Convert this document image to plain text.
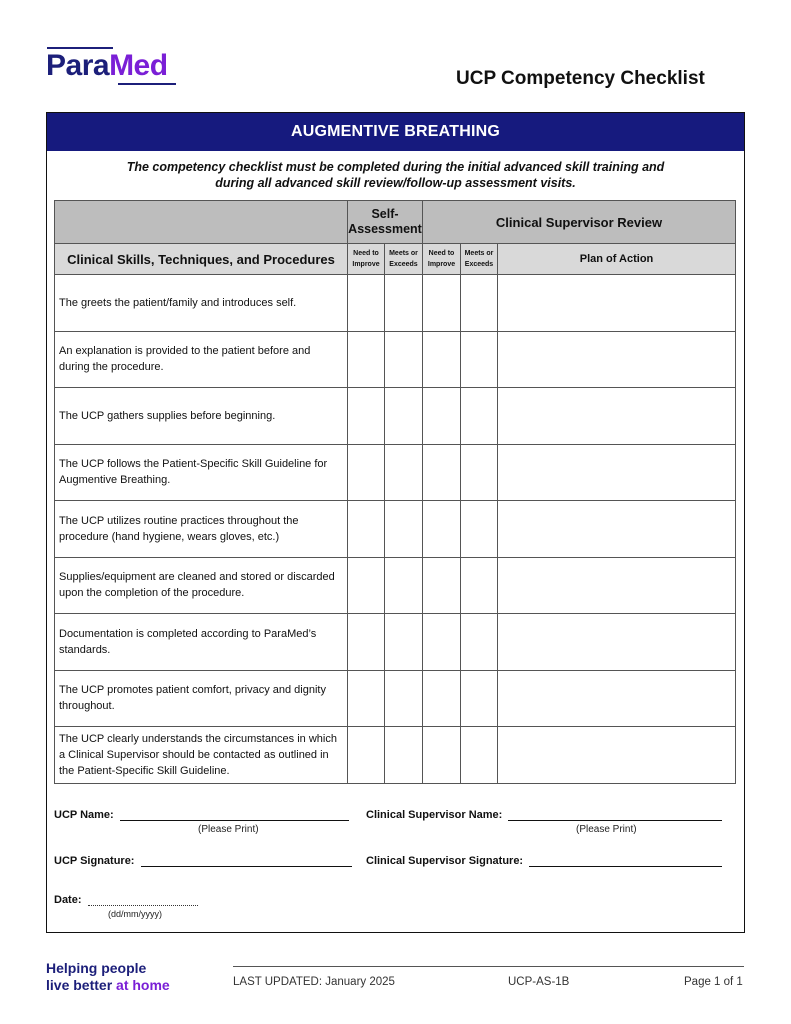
ParaMed	UCP Competency Checklist
AUGMENTIVE BREATHING
The competency checklist must be completed during the initial advanced skill training and
during all advanced skill review/follow-up assessment visits.
	Self-Assessment		Clinical Supervisor Review		
Clinical Skills, Techniques, and Procedures	Need to Improve	Meets or Exceeds	Need to Improve	Meets or Exceeds	Plan of Action
The greets the patient/family and introduces self.					
An explanation is provided to the patient before and during the procedure.					
The UCP gathers supplies before beginning.					
The UCP follows the Patient-Specific Skill Guideline for Augmentive Breathing.					
The UCP utilizes routine practices throughout the procedure (hand hygiene, wears gloves, etc.)					
Supplies/equipment are cleaned and stored or discarded upon the completion of the procedure.					
Documentation is completed according to ParaMed’s standards.					
The UCP promotes patient comfort, privacy and dignity throughout.					
The UCP clearly understands the circumstances in which a Clinical Supervisor should be contacted as outlined in the Patient-Specific Skill Guideline.					
UCP Name:
(Please Print)
Clinical Supervisor Name:
(Please Print)
UCP Signature:	Clinical Supervisor Signature:
Date:
(dd/mm/yyyy)
Helping people
live better at home	LAST UPDATED: January 2025	UCP-AS-1B	Page 1 of 1
